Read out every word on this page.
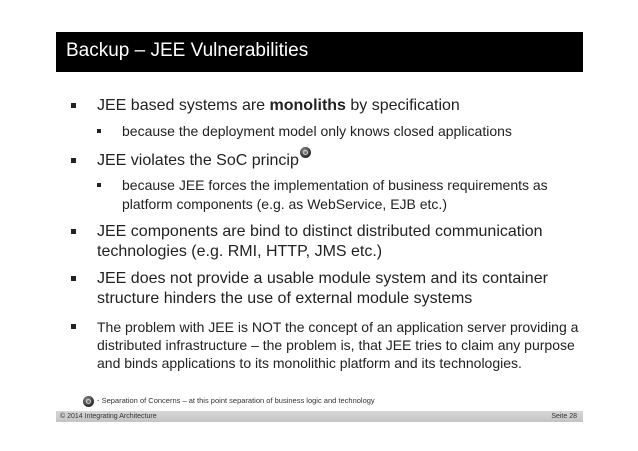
Backup – JEE Vulnerabilities
JEE based systems are monoliths by specification
because the deployment model only knows closed applications
JEE violates the SoC princip
because JEE forces the implementation of business requirements as platform components (e.g. as WebService, EJB etc.)
JEE components are bind to distinct distributed communication technologies (e.g. RMI, HTTP, JMS etc.)
JEE does not provide a usable module system and its container structure hinders the use of external module systems
The problem with JEE is NOT the concept of an application server providing a distributed infrastructure – the problem is, that JEE tries to claim any purpose and binds applications to its monolithic platform and its technologies.
- Separation of Concerns – at this point separation of business logic and technology
© 2014 Integrating Architecture	Seite 28
